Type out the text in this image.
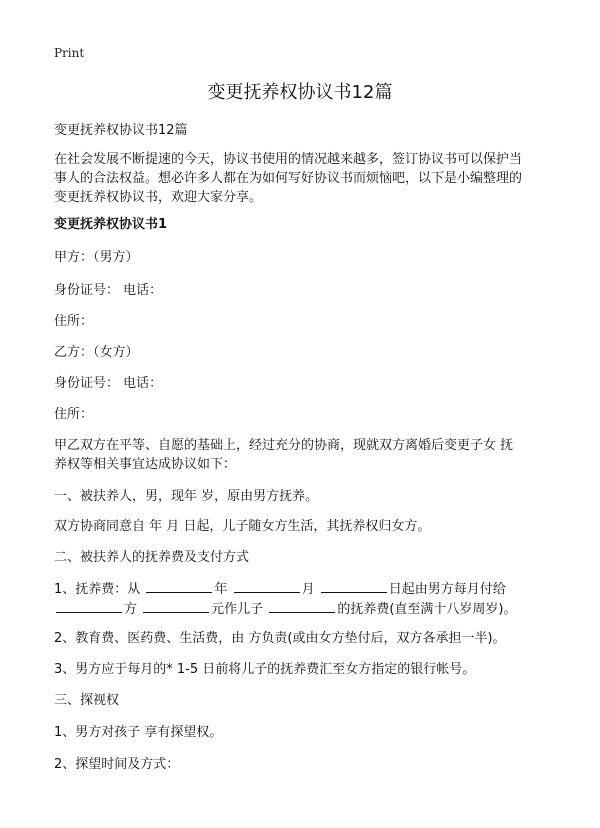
Print
变更抚养权协议书12篇
变更抚养权协议书12篇
在社会发展不断提速的今天，协议书使用的情况越来越多，签订协议书可以保护当
事人的合法权益。想必许多人都在为如何写好协议书而烦恼吧，以下是小编整理的
变更抚养权协议书，欢迎大家分享。
变更抚养权协议书1
甲方：（男方）
身份证号： 电话：
住所：
乙方：（女方）
身份证号： 电话：
住所：
甲乙双方在平等、自愿的基础上，经过充分的协商，现就双方离婚后变更子女 抚
养权等相关事宜达成协议如下：
一、被扶养人，男，现年 岁，原由男方抚养。
双方协商同意自 年 月 日起，儿子随女方生活，其抚养权归女方。
二、被扶养人的抚养费及支付方式
1、抚养费：从	年	月	日起由男方每月付给
方	元作儿子	的抚养费(直至满十八岁周岁)。
2、教育费、医药费、生活费，由 方负责(或由女方垫付后，双方各承担一半)。
3、男方应于每月的* 1-5 日前将儿子的抚养费汇至女方指定的银行帐号。
三、探视权
1、男方对孩子 享有探望权。
2、探望时间及方式：
